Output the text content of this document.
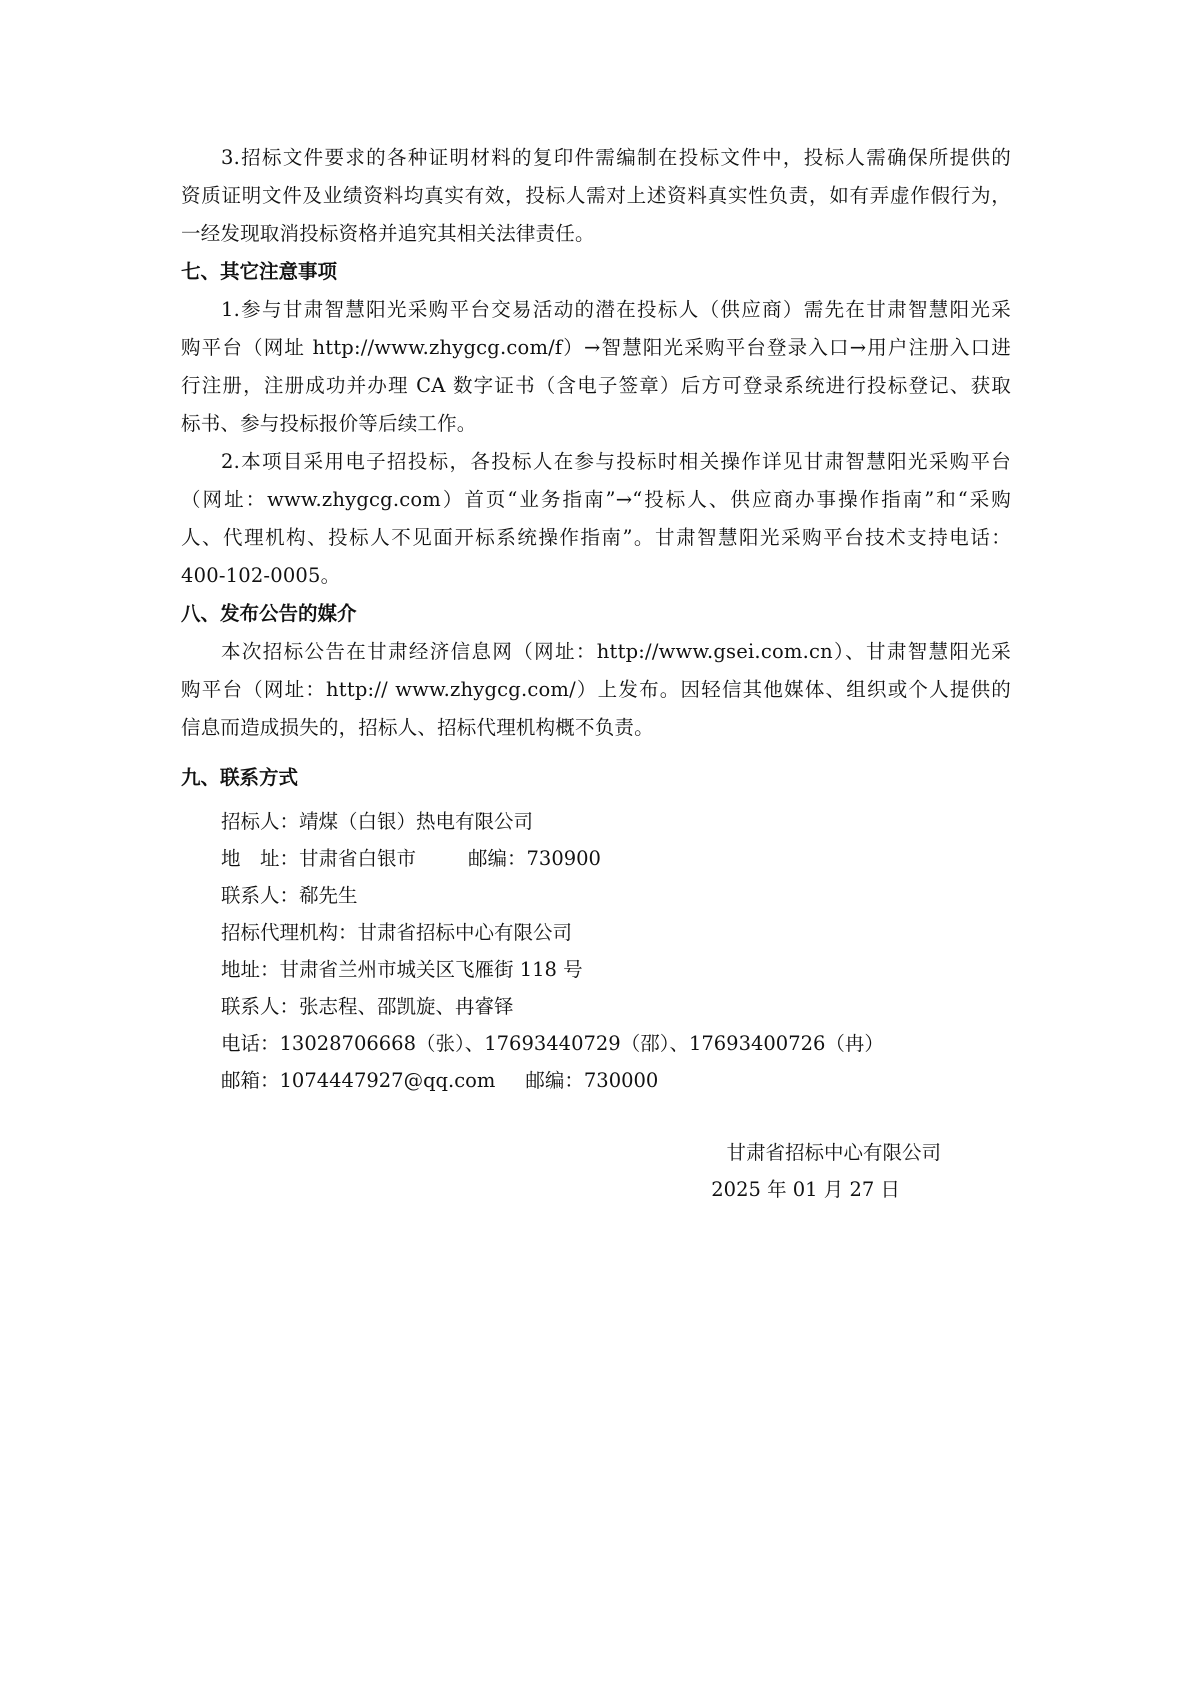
3.招标文件要求的各种证明材料的复印件需编制在投标文件中，投标人需确保所提供的
资质证明文件及业绩资料均真实有效，投标人需对上述资料真实性负责，如有弄虚作假行为，
一经发现取消投标资格并追究其相关法律责任。
七、其它注意事项
1.参与甘肃智慧阳光采购平台交易活动的潜在投标人（供应商）需先在甘肃智慧阳光采
购平台（网址 http://www.zhygcg.com/f）→智慧阳光采购平台登录入口→用户注册入口进
行注册，注册成功并办理 CA 数字证书（含电子签章）后方可登录系统进行投标登记、获取
标书、参与投标报价等后续工作。
2.本项目采用电子招投标，各投标人在参与投标时相关操作详见甘肃智慧阳光采购平台
（网址：www.zhygcg.com）首页“业务指南”→“投标人、供应商办事操作指南”和“采购
人、代理机构、投标人不见面开标系统操作指南”。甘肃智慧阳光采购平台技术支持电话：
400-102-0005。
八、发布公告的媒介
本次招标公告在甘肃经济信息网（网址：http://www.gsei.com.cn）、甘肃智慧阳光采
购平台（网址：http:// www.zhygcg.com/）上发布。因轻信其他媒体、组织或个人提供的
信息而造成损失的，招标人、招标代理机构概不负责。
九、联系方式
招标人：靖煤（白银）热电有限公司
地　址：甘肃省白银市	邮编：730900
联系人：郗先生
招标代理机构：甘肃省招标中心有限公司
地址：甘肃省兰州市城关区飞雁街 118 号
联系人：张志程、邵凯旋、冉睿铎
电话：13028706668（张）、17693440729（邵）、17693400726（冉）
邮箱：1074447927@qq.com 邮编：730000
甘肃省招标中心有限公司
2025 年 01 月 27 日
